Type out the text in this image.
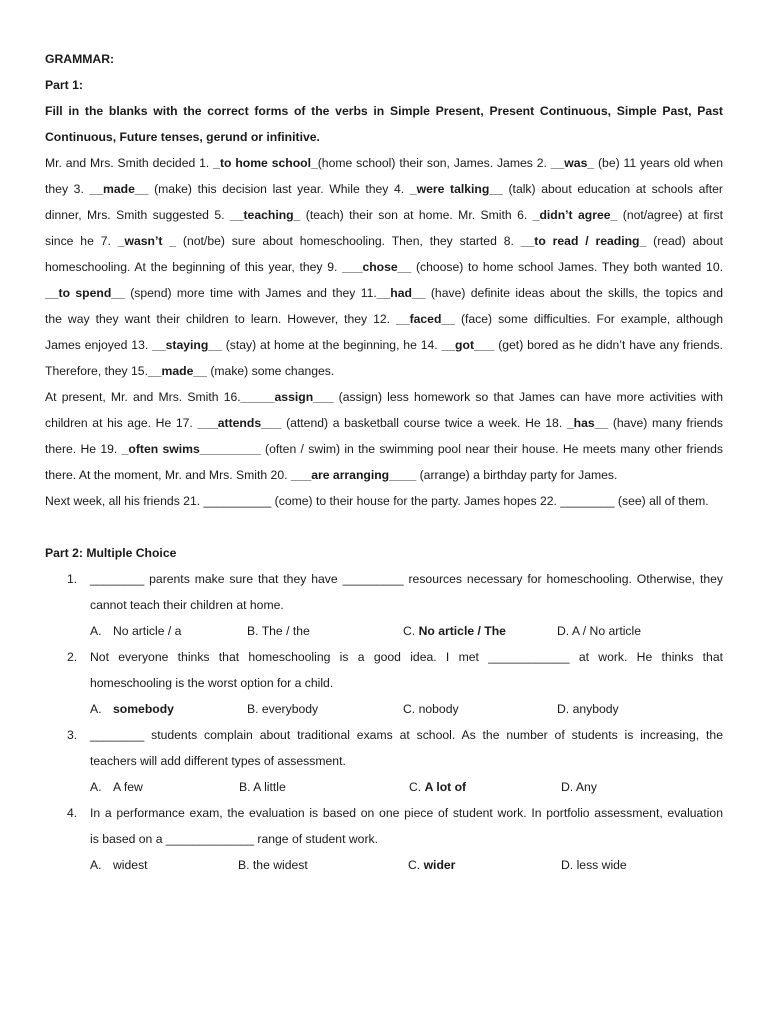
GRAMMAR:
Part 1:
Fill in the blanks with the correct forms of the verbs in Simple Present, Present Continuous, Simple Past, Past
Continuous, Future tenses, gerund or infinitive.
Mr. and Mrs. Smith decided 1. _to home school_(home school) their son, James. James 2. __was_ (be) 11 years old when
they 3. __made__ (make) this decision last year. While they 4. _were talking__ (talk) about education at schools after
dinner, Mrs. Smith suggested 5. __teaching_ (teach) their son at home. Mr. Smith 6. _didn’t agree_ (not/agree) at first
since he 7. _wasn’t _ (not/be) sure about homeschooling. Then, they started 8. __to read / reading_ (read) about
homeschooling. At the beginning of this year, they 9. ___chose__ (choose) to home school James. They both wanted 10.
__to spend__ (spend) more time with James and they 11.__had__ (have) definite ideas about the skills, the topics and
the way they want their children to learn. However, they 12. __faced__ (face) some difficulties. For example, although
James enjoyed 13. __staying__ (stay) at home at the beginning, he 14. __got___ (get) bored as he didn’t have any friends.
Therefore, they 15.__made__ (make) some changes.
At present, Mr. and Mrs. Smith 16._____assign___ (assign) less homework so that James can have more activities with
children at his age. He 17. ___attends___ (attend) a basketball course twice a week. He 18. _has__ (have) many friends
there. He 19. _often swims_________ (often / swim) in the swimming pool near their house. He meets many other friends
there. At the moment, Mr. and Mrs. Smith 20. ___are arranging____ (arrange) a birthday party for James.
Next week, all his friends 21. __________ (come) to their house for the party. James hopes 22. ________ (see) all of them.
Part 2: Multiple Choice
1. ________ parents make sure that they have _________ resources necessary for homeschooling. Otherwise, they
cannot teach their children at home.
A. No article / a	B. The / the	C. No article / The	D. A / No article
2. Not everyone thinks that homeschooling is a good idea. I met ____________ at work. He thinks that
homeschooling is the worst option for a child.
A. somebody	B. everybody	C. nobody	D. anybody
3. ________ students complain about traditional exams at school. As the number of students is increasing, the
teachers will add different types of assessment.
A. A few	B. A little	C. A lot of	D. Any
4. In a performance exam, the evaluation is based on one piece of student work. In portfolio assessment, evaluation
is based on a _____________ range of student work.
A. widest	B. the widest	C. wider	D. less wide
